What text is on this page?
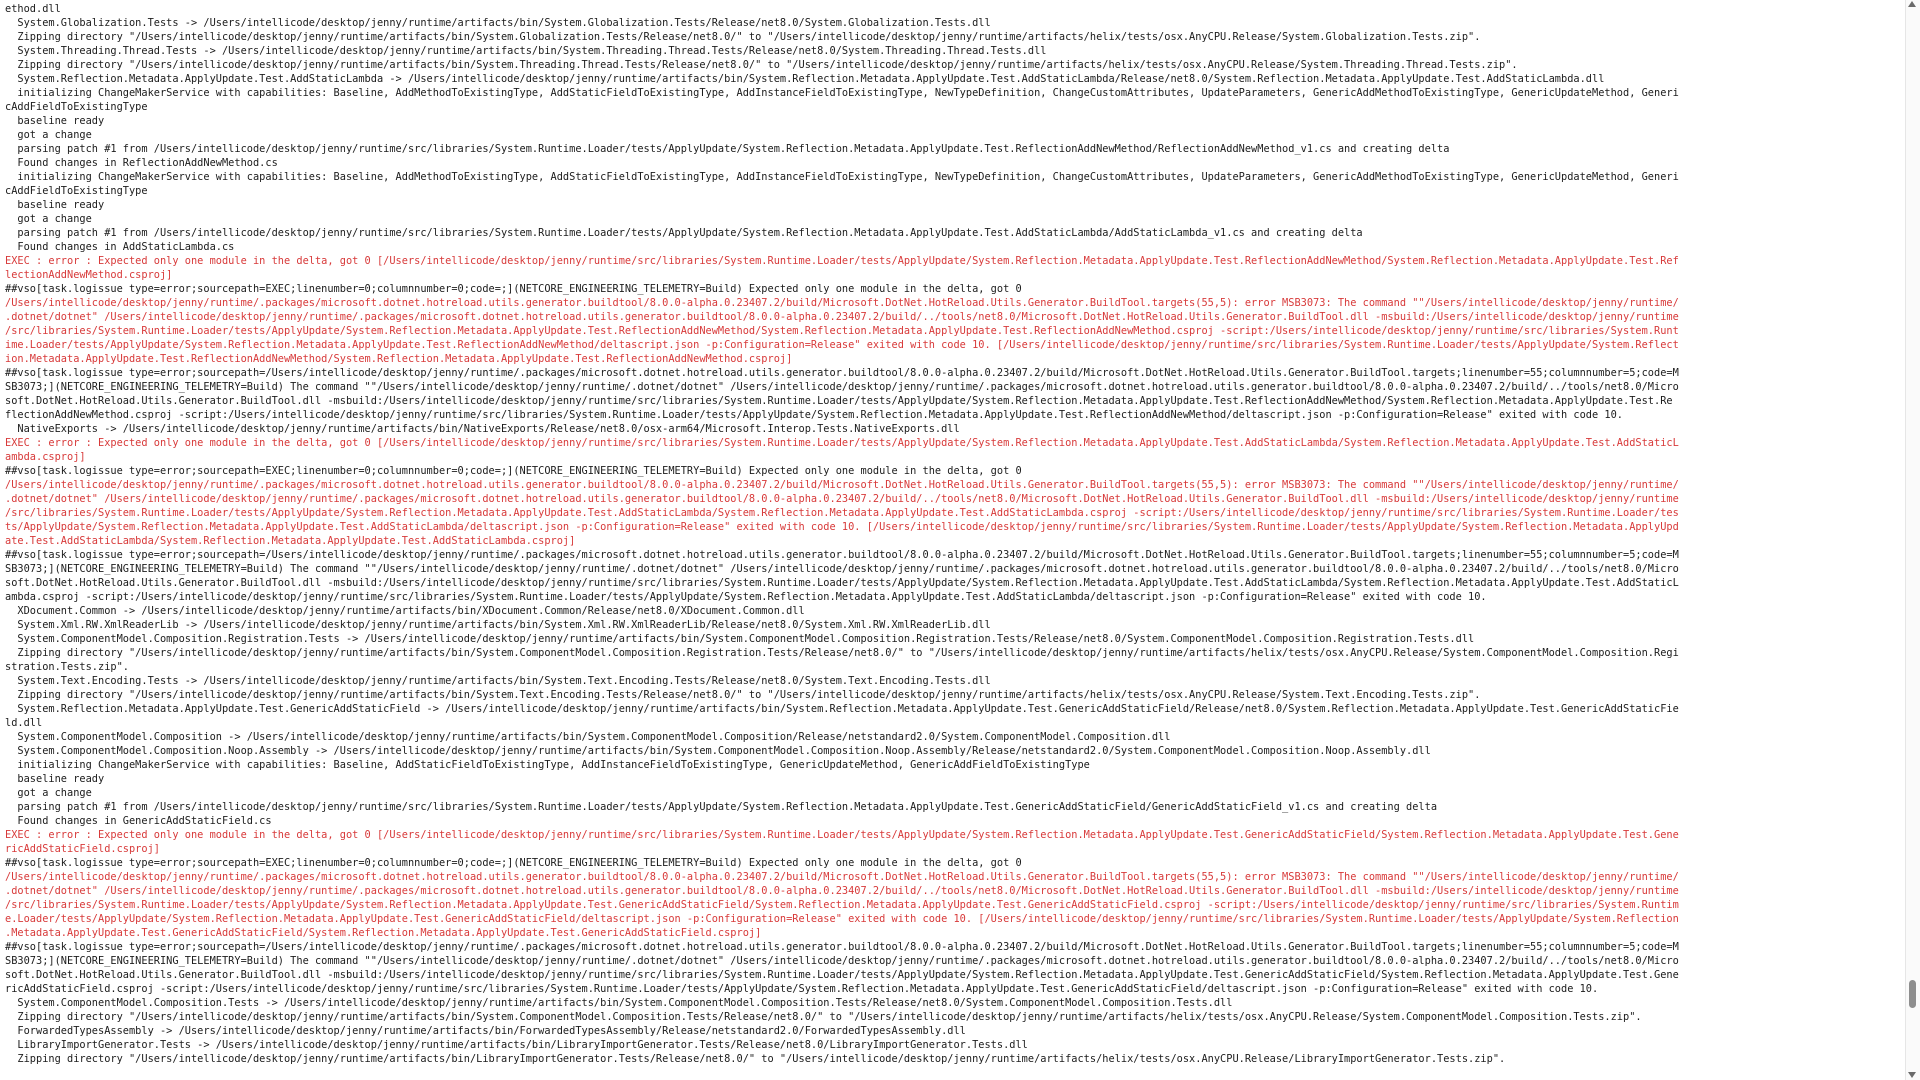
ethod.dll
System.Globalization.Tests -> /Users/intellicode/desktop/jenny/runtime/artifacts/bin/System.Globalization.Tests/Release/net8.0/System.Globalization.Tests.dll
Zipping directory "/Users/intellicode/desktop/jenny/runtime/artifacts/bin/System.Globalization.Tests/Release/net8.0/" to "/Users/intellicode/desktop/jenny/runtime/artifacts/helix/tests/osx.AnyCPU.Release/System.Globalization.Tests.zip".
System.Threading.Thread.Tests -> /Users/intellicode/desktop/jenny/runtime/artifacts/bin/System.Threading.Thread.Tests/Release/net8.0/System.Threading.Thread.Tests.dll
Zipping directory "/Users/intellicode/desktop/jenny/runtime/artifacts/bin/System.Threading.Thread.Tests/Release/net8.0/" to "/Users/intellicode/desktop/jenny/runtime/artifacts/helix/tests/osx.AnyCPU.Release/System.Threading.Thread.Tests.zip".
System.Reflection.Metadata.ApplyUpdate.Test.AddStaticLambda -> /Users/intellicode/desktop/jenny/runtime/artifacts/bin/System.Reflection.Metadata.ApplyUpdate.Test.AddStaticLambda/Release/net8.0/System.Reflection.Metadata.ApplyUpdate.Test.AddStaticLambda.dll
initializing ChangeMakerService with capabilities: Baseline, AddMethodToExistingType, AddStaticFieldToExistingType, AddInstanceFieldToExistingType, NewTypeDefinition, ChangeCustomAttributes, UpdateParameters, GenericAddMethodToExistingType, GenericUpdateMethod, Generi
cAddFieldToExistingType
baseline ready
got a change
parsing patch #1 from /Users/intellicode/desktop/jenny/runtime/src/libraries/System.Runtime.Loader/tests/ApplyUpdate/System.Reflection.Metadata.ApplyUpdate.Test.ReflectionAddNewMethod/ReflectionAddNewMethod_v1.cs and creating delta
Found changes in ReflectionAddNewMethod.cs
initializing ChangeMakerService with capabilities: Baseline, AddMethodToExistingType, AddStaticFieldToExistingType, AddInstanceFieldToExistingType, NewTypeDefinition, ChangeCustomAttributes, UpdateParameters, GenericAddMethodToExistingType, GenericUpdateMethod, Generi
cAddFieldToExistingType
baseline ready
got a change
parsing patch #1 from /Users/intellicode/desktop/jenny/runtime/src/libraries/System.Runtime.Loader/tests/ApplyUpdate/System.Reflection.Metadata.ApplyUpdate.Test.AddStaticLambda/AddStaticLambda_v1.cs and creating delta
Found changes in AddStaticLambda.cs
EXEC : error : Expected only one module in the delta, got 0 [/Users/intellicode/desktop/jenny/runtime/src/libraries/System.Runtime.Loader/tests/ApplyUpdate/System.Reflection.Metadata.ApplyUpdate.Test.ReflectionAddNewMethod/System.Reflection.Metadata.ApplyUpdate.Test.Ref
lectionAddNewMethod.csproj]
##vso[task.logissue type=error;sourcepath=EXEC;linenumber=0;columnnumber=0;code=;](NETCORE_ENGINEERING_TELEMETRY=Build) Expected only one module in the delta, got 0
/Users/intellicode/desktop/jenny/runtime/.packages/microsoft.dotnet.hotreload.utils.generator.buildtool/8.0.0-alpha.0.23407.2/build/Microsoft.DotNet.HotReload.Utils.Generator.BuildTool.targets(55,5): error MSB3073: The command ""/Users/intellicode/desktop/jenny/runtime/
.dotnet/dotnet" /Users/intellicode/desktop/jenny/runtime/.packages/microsoft.dotnet.hotreload.utils.generator.buildtool/8.0.0-alpha.0.23407.2/build/../tools/net8.0/Microsoft.DotNet.HotReload.Utils.Generator.BuildTool.dll -msbuild:/Users/intellicode/desktop/jenny/runtime
/src/libraries/System.Runtime.Loader/tests/ApplyUpdate/System.Reflection.Metadata.ApplyUpdate.Test.ReflectionAddNewMethod/System.Reflection.Metadata.ApplyUpdate.Test.ReflectionAddNewMethod.csproj -script:/Users/intellicode/desktop/jenny/runtime/src/libraries/System.Runt
ime.Loader/tests/ApplyUpdate/System.Reflection.Metadata.ApplyUpdate.Test.ReflectionAddNewMethod/deltascript.json -p:Configuration=Release" exited with code 10. [/Users/intellicode/desktop/jenny/runtime/src/libraries/System.Runtime.Loader/tests/ApplyUpdate/System.Reflect
ion.Metadata.ApplyUpdate.Test.ReflectionAddNewMethod/System.Reflection.Metadata.ApplyUpdate.Test.ReflectionAddNewMethod.csproj]
##vso[task.logissue type=error;sourcepath=/Users/intellicode/desktop/jenny/runtime/.packages/microsoft.dotnet.hotreload.utils.generator.buildtool/8.0.0-alpha.0.23407.2/build/Microsoft.DotNet.HotReload.Utils.Generator.BuildTool.targets;linenumber=55;columnnumber=5;code=M
SB3073;](NETCORE_ENGINEERING_TELEMETRY=Build) The command ""/Users/intellicode/desktop/jenny/runtime/.dotnet/dotnet" /Users/intellicode/desktop/jenny/runtime/.packages/microsoft.dotnet.hotreload.utils.generator.buildtool/8.0.0-alpha.0.23407.2/build/../tools/net8.0/Micro
soft.DotNet.HotReload.Utils.Generator.BuildTool.dll -msbuild:/Users/intellicode/desktop/jenny/runtime/src/libraries/System.Runtime.Loader/tests/ApplyUpdate/System.Reflection.Metadata.ApplyUpdate.Test.ReflectionAddNewMethod/System.Reflection.Metadata.ApplyUpdate.Test.Re
flectionAddNewMethod.csproj -script:/Users/intellicode/desktop/jenny/runtime/src/libraries/System.Runtime.Loader/tests/ApplyUpdate/System.Reflection.Metadata.ApplyUpdate.Test.ReflectionAddNewMethod/deltascript.json -p:Configuration=Release" exited with code 10.
NativeExports -> /Users/intellicode/desktop/jenny/runtime/artifacts/bin/NativeExports/Release/net8.0/osx-arm64/Microsoft.Interop.Tests.NativeExports.dll
EXEC : error : Expected only one module in the delta, got 0 [/Users/intellicode/desktop/jenny/runtime/src/libraries/System.Runtime.Loader/tests/ApplyUpdate/System.Reflection.Metadata.ApplyUpdate.Test.AddStaticLambda/System.Reflection.Metadata.ApplyUpdate.Test.AddStaticL
ambda.csproj]
##vso[task.logissue type=error;sourcepath=EXEC;linenumber=0;columnnumber=0;code=;](NETCORE_ENGINEERING_TELEMETRY=Build) Expected only one module in the delta, got 0
/Users/intellicode/desktop/jenny/runtime/.packages/microsoft.dotnet.hotreload.utils.generator.buildtool/8.0.0-alpha.0.23407.2/build/Microsoft.DotNet.HotReload.Utils.Generator.BuildTool.targets(55,5): error MSB3073: The command ""/Users/intellicode/desktop/jenny/runtime/
.dotnet/dotnet" /Users/intellicode/desktop/jenny/runtime/.packages/microsoft.dotnet.hotreload.utils.generator.buildtool/8.0.0-alpha.0.23407.2/build/../tools/net8.0/Microsoft.DotNet.HotReload.Utils.Generator.BuildTool.dll -msbuild:/Users/intellicode/desktop/jenny/runtime
/src/libraries/System.Runtime.Loader/tests/ApplyUpdate/System.Reflection.Metadata.ApplyUpdate.Test.AddStaticLambda/System.Reflection.Metadata.ApplyUpdate.Test.AddStaticLambda.csproj -script:/Users/intellicode/desktop/jenny/runtime/src/libraries/System.Runtime.Loader/tes
ts/ApplyUpdate/System.Reflection.Metadata.ApplyUpdate.Test.AddStaticLambda/deltascript.json -p:Configuration=Release" exited with code 10. [/Users/intellicode/desktop/jenny/runtime/src/libraries/System.Runtime.Loader/tests/ApplyUpdate/System.Reflection.Metadata.ApplyUpd
ate.Test.AddStaticLambda/System.Reflection.Metadata.ApplyUpdate.Test.AddStaticLambda.csproj]
##vso[task.logissue type=error;sourcepath=/Users/intellicode/desktop/jenny/runtime/.packages/microsoft.dotnet.hotreload.utils.generator.buildtool/8.0.0-alpha.0.23407.2/build/Microsoft.DotNet.HotReload.Utils.Generator.BuildTool.targets;linenumber=55;columnnumber=5;code=M
SB3073;](NETCORE_ENGINEERING_TELEMETRY=Build) The command ""/Users/intellicode/desktop/jenny/runtime/.dotnet/dotnet" /Users/intellicode/desktop/jenny/runtime/.packages/microsoft.dotnet.hotreload.utils.generator.buildtool/8.0.0-alpha.0.23407.2/build/../tools/net8.0/Micro
soft.DotNet.HotReload.Utils.Generator.BuildTool.dll -msbuild:/Users/intellicode/desktop/jenny/runtime/src/libraries/System.Runtime.Loader/tests/ApplyUpdate/System.Reflection.Metadata.ApplyUpdate.Test.AddStaticLambda/System.Reflection.Metadata.ApplyUpdate.Test.AddStaticL
ambda.csproj -script:/Users/intellicode/desktop/jenny/runtime/src/libraries/System.Runtime.Loader/tests/ApplyUpdate/System.Reflection.Metadata.ApplyUpdate.Test.AddStaticLambda/deltascript.json -p:Configuration=Release" exited with code 10.
XDocument.Common -> /Users/intellicode/desktop/jenny/runtime/artifacts/bin/XDocument.Common/Release/net8.0/XDocument.Common.dll
System.Xml.RW.XmlReaderLib -> /Users/intellicode/desktop/jenny/runtime/artifacts/bin/System.Xml.RW.XmlReaderLib/Release/net8.0/System.Xml.RW.XmlReaderLib.dll
System.ComponentModel.Composition.Registration.Tests -> /Users/intellicode/desktop/jenny/runtime/artifacts/bin/System.ComponentModel.Composition.Registration.Tests/Release/net8.0/System.ComponentModel.Composition.Registration.Tests.dll
Zipping directory "/Users/intellicode/desktop/jenny/runtime/artifacts/bin/System.ComponentModel.Composition.Registration.Tests/Release/net8.0/" to "/Users/intellicode/desktop/jenny/runtime/artifacts/helix/tests/osx.AnyCPU.Release/System.ComponentModel.Composition.Regi
stration.Tests.zip".
System.Text.Encoding.Tests -> /Users/intellicode/desktop/jenny/runtime/artifacts/bin/System.Text.Encoding.Tests/Release/net8.0/System.Text.Encoding.Tests.dll
Zipping directory "/Users/intellicode/desktop/jenny/runtime/artifacts/bin/System.Text.Encoding.Tests/Release/net8.0/" to "/Users/intellicode/desktop/jenny/runtime/artifacts/helix/tests/osx.AnyCPU.Release/System.Text.Encoding.Tests.zip".
System.Reflection.Metadata.ApplyUpdate.Test.GenericAddStaticField -> /Users/intellicode/desktop/jenny/runtime/artifacts/bin/System.Reflection.Metadata.ApplyUpdate.Test.GenericAddStaticField/Release/net8.0/System.Reflection.Metadata.ApplyUpdate.Test.GenericAddStaticFie
ld.dll
System.ComponentModel.Composition -> /Users/intellicode/desktop/jenny/runtime/artifacts/bin/System.ComponentModel.Composition/Release/netstandard2.0/System.ComponentModel.Composition.dll
System.ComponentModel.Composition.Noop.Assembly -> /Users/intellicode/desktop/jenny/runtime/artifacts/bin/System.ComponentModel.Composition.Noop.Assembly/Release/netstandard2.0/System.ComponentModel.Composition.Noop.Assembly.dll
initializing ChangeMakerService with capabilities: Baseline, AddStaticFieldToExistingType, AddInstanceFieldToExistingType, GenericUpdateMethod, GenericAddFieldToExistingType
baseline ready
got a change
parsing patch #1 from /Users/intellicode/desktop/jenny/runtime/src/libraries/System.Runtime.Loader/tests/ApplyUpdate/System.Reflection.Metadata.ApplyUpdate.Test.GenericAddStaticField/GenericAddStaticField_v1.cs and creating delta
Found changes in GenericAddStaticField.cs
EXEC : error : Expected only one module in the delta, got 0 [/Users/intellicode/desktop/jenny/runtime/src/libraries/System.Runtime.Loader/tests/ApplyUpdate/System.Reflection.Metadata.ApplyUpdate.Test.GenericAddStaticField/System.Reflection.Metadata.ApplyUpdate.Test.Gene
ricAddStaticField.csproj]
##vso[task.logissue type=error;sourcepath=EXEC;linenumber=0;columnnumber=0;code=;](NETCORE_ENGINEERING_TELEMETRY=Build) Expected only one module in the delta, got 0
/Users/intellicode/desktop/jenny/runtime/.packages/microsoft.dotnet.hotreload.utils.generator.buildtool/8.0.0-alpha.0.23407.2/build/Microsoft.DotNet.HotReload.Utils.Generator.BuildTool.targets(55,5): error MSB3073: The command ""/Users/intellicode/desktop/jenny/runtime/
.dotnet/dotnet" /Users/intellicode/desktop/jenny/runtime/.packages/microsoft.dotnet.hotreload.utils.generator.buildtool/8.0.0-alpha.0.23407.2/build/../tools/net8.0/Microsoft.DotNet.HotReload.Utils.Generator.BuildTool.dll -msbuild:/Users/intellicode/desktop/jenny/runtime
/src/libraries/System.Runtime.Loader/tests/ApplyUpdate/System.Reflection.Metadata.ApplyUpdate.Test.GenericAddStaticField/System.Reflection.Metadata.ApplyUpdate.Test.GenericAddStaticField.csproj -script:/Users/intellicode/desktop/jenny/runtime/src/libraries/System.Runtim
e.Loader/tests/ApplyUpdate/System.Reflection.Metadata.ApplyUpdate.Test.GenericAddStaticField/deltascript.json -p:Configuration=Release" exited with code 10. [/Users/intellicode/desktop/jenny/runtime/src/libraries/System.Runtime.Loader/tests/ApplyUpdate/System.Reflection
.Metadata.ApplyUpdate.Test.GenericAddStaticField/System.Reflection.Metadata.ApplyUpdate.Test.GenericAddStaticField.csproj]
##vso[task.logissue type=error;sourcepath=/Users/intellicode/desktop/jenny/runtime/.packages/microsoft.dotnet.hotreload.utils.generator.buildtool/8.0.0-alpha.0.23407.2/build/Microsoft.DotNet.HotReload.Utils.Generator.BuildTool.targets;linenumber=55;columnnumber=5;code=M
SB3073;](NETCORE_ENGINEERING_TELEMETRY=Build) The command ""/Users/intellicode/desktop/jenny/runtime/.dotnet/dotnet" /Users/intellicode/desktop/jenny/runtime/.packages/microsoft.dotnet.hotreload.utils.generator.buildtool/8.0.0-alpha.0.23407.2/build/../tools/net8.0/Micro
soft.DotNet.HotReload.Utils.Generator.BuildTool.dll -msbuild:/Users/intellicode/desktop/jenny/runtime/src/libraries/System.Runtime.Loader/tests/ApplyUpdate/System.Reflection.Metadata.ApplyUpdate.Test.GenericAddStaticField/System.Reflection.Metadata.ApplyUpdate.Test.Gene
ricAddStaticField.csproj -script:/Users/intellicode/desktop/jenny/runtime/src/libraries/System.Runtime.Loader/tests/ApplyUpdate/System.Reflection.Metadata.ApplyUpdate.Test.GenericAddStaticField/deltascript.json -p:Configuration=Release" exited with code 10.
System.ComponentModel.Composition.Tests -> /Users/intellicode/desktop/jenny/runtime/artifacts/bin/System.ComponentModel.Composition.Tests/Release/net8.0/System.ComponentModel.Composition.Tests.dll
Zipping directory "/Users/intellicode/desktop/jenny/runtime/artifacts/bin/System.ComponentModel.Composition.Tests/Release/net8.0/" to "/Users/intellicode/desktop/jenny/runtime/artifacts/helix/tests/osx.AnyCPU.Release/System.ComponentModel.Composition.Tests.zip".
ForwardedTypesAssembly -> /Users/intellicode/desktop/jenny/runtime/artifacts/bin/ForwardedTypesAssembly/Release/netstandard2.0/ForwardedTypesAssembly.dll
LibraryImportGenerator.Tests -> /Users/intellicode/desktop/jenny/runtime/artifacts/bin/LibraryImportGenerator.Tests/Release/net8.0/LibraryImportGenerator.Tests.dll
Zipping directory "/Users/intellicode/desktop/jenny/runtime/artifacts/bin/LibraryImportGenerator.Tests/Release/net8.0/" to "/Users/intellicode/desktop/jenny/runtime/artifacts/helix/tests/osx.AnyCPU.Release/LibraryImportGenerator.Tests.zip".
